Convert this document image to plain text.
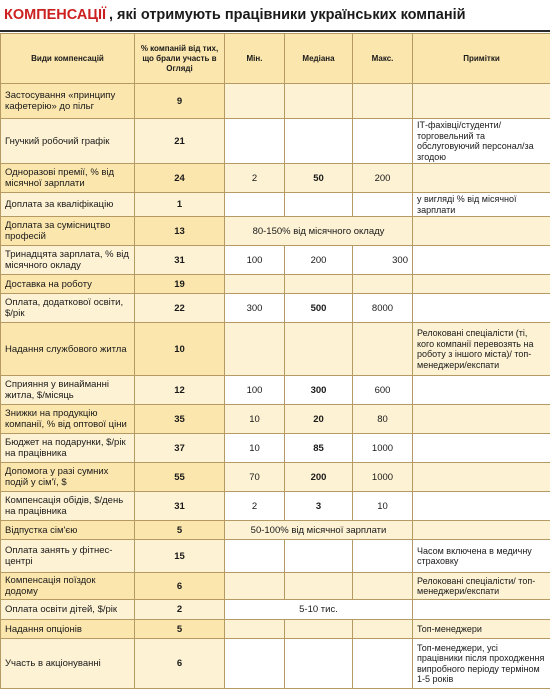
КОМПЕНСАЦІЇ , які отримують працівники українських компаній
Види компенсацій	% компаній від тих, що брали участь в Огляді	Мін.	Медіана	Макс.	Примітки
Застосування «принципу кафетерію» до пільг	9				
Гнучкий робочий графік	21				ІТ-фахівці/студенти/ торговельний та обслуговуючий персонал/за згодою
Одноразові премії, % від місячної зарплати	24	2	50	200	
Доплата за кваліфікацію	1				у вигляді % від місячної зарплати
Доплата за сумісництво професій	13	80-150% від місячного окладу			
Тринадцята зарплата, % від місячного окладу	31	100	200	300	
Доставка на роботу	19				
Оплата, додаткової освіти, $/рік	22	300	500	8000	
Надання службового житла	10				Релоковані спеціалісти (ті, кого компанії перевозять на роботу з іншого міста)/ топ-менеджери/експати
Сприяння у винайманні житла, $/місяць	12	100	300	600	
Знижки на продукцію компанії, % від оптової ціни	35	10	20	80	
Бюджет на подарунки, $/рік на працівника	37	10	85	1000	
Допомога у разі сумних подій у сім'ї, $	55	70	200	1000	
Компенсація обідів, $/день на працівника	31	2	3	10	
Відпустка сім'єю	5	50-100% від місячної зарплати			
Оплата занять у фітнес-центрі	15				Часом включена в медичну страховку
Компенсація поїздок додому	6				Релоковані спеціалісти/ топ-менеджери/експати
Оплата освіти дітей, $/рік	2	5-10 тис.			
Надання опціонів	5				Топ-менеджери
Участь в акціонуванні	6				Топ-менеджери, усі працівники після проходження випробного періоду терміном 1-5 років
